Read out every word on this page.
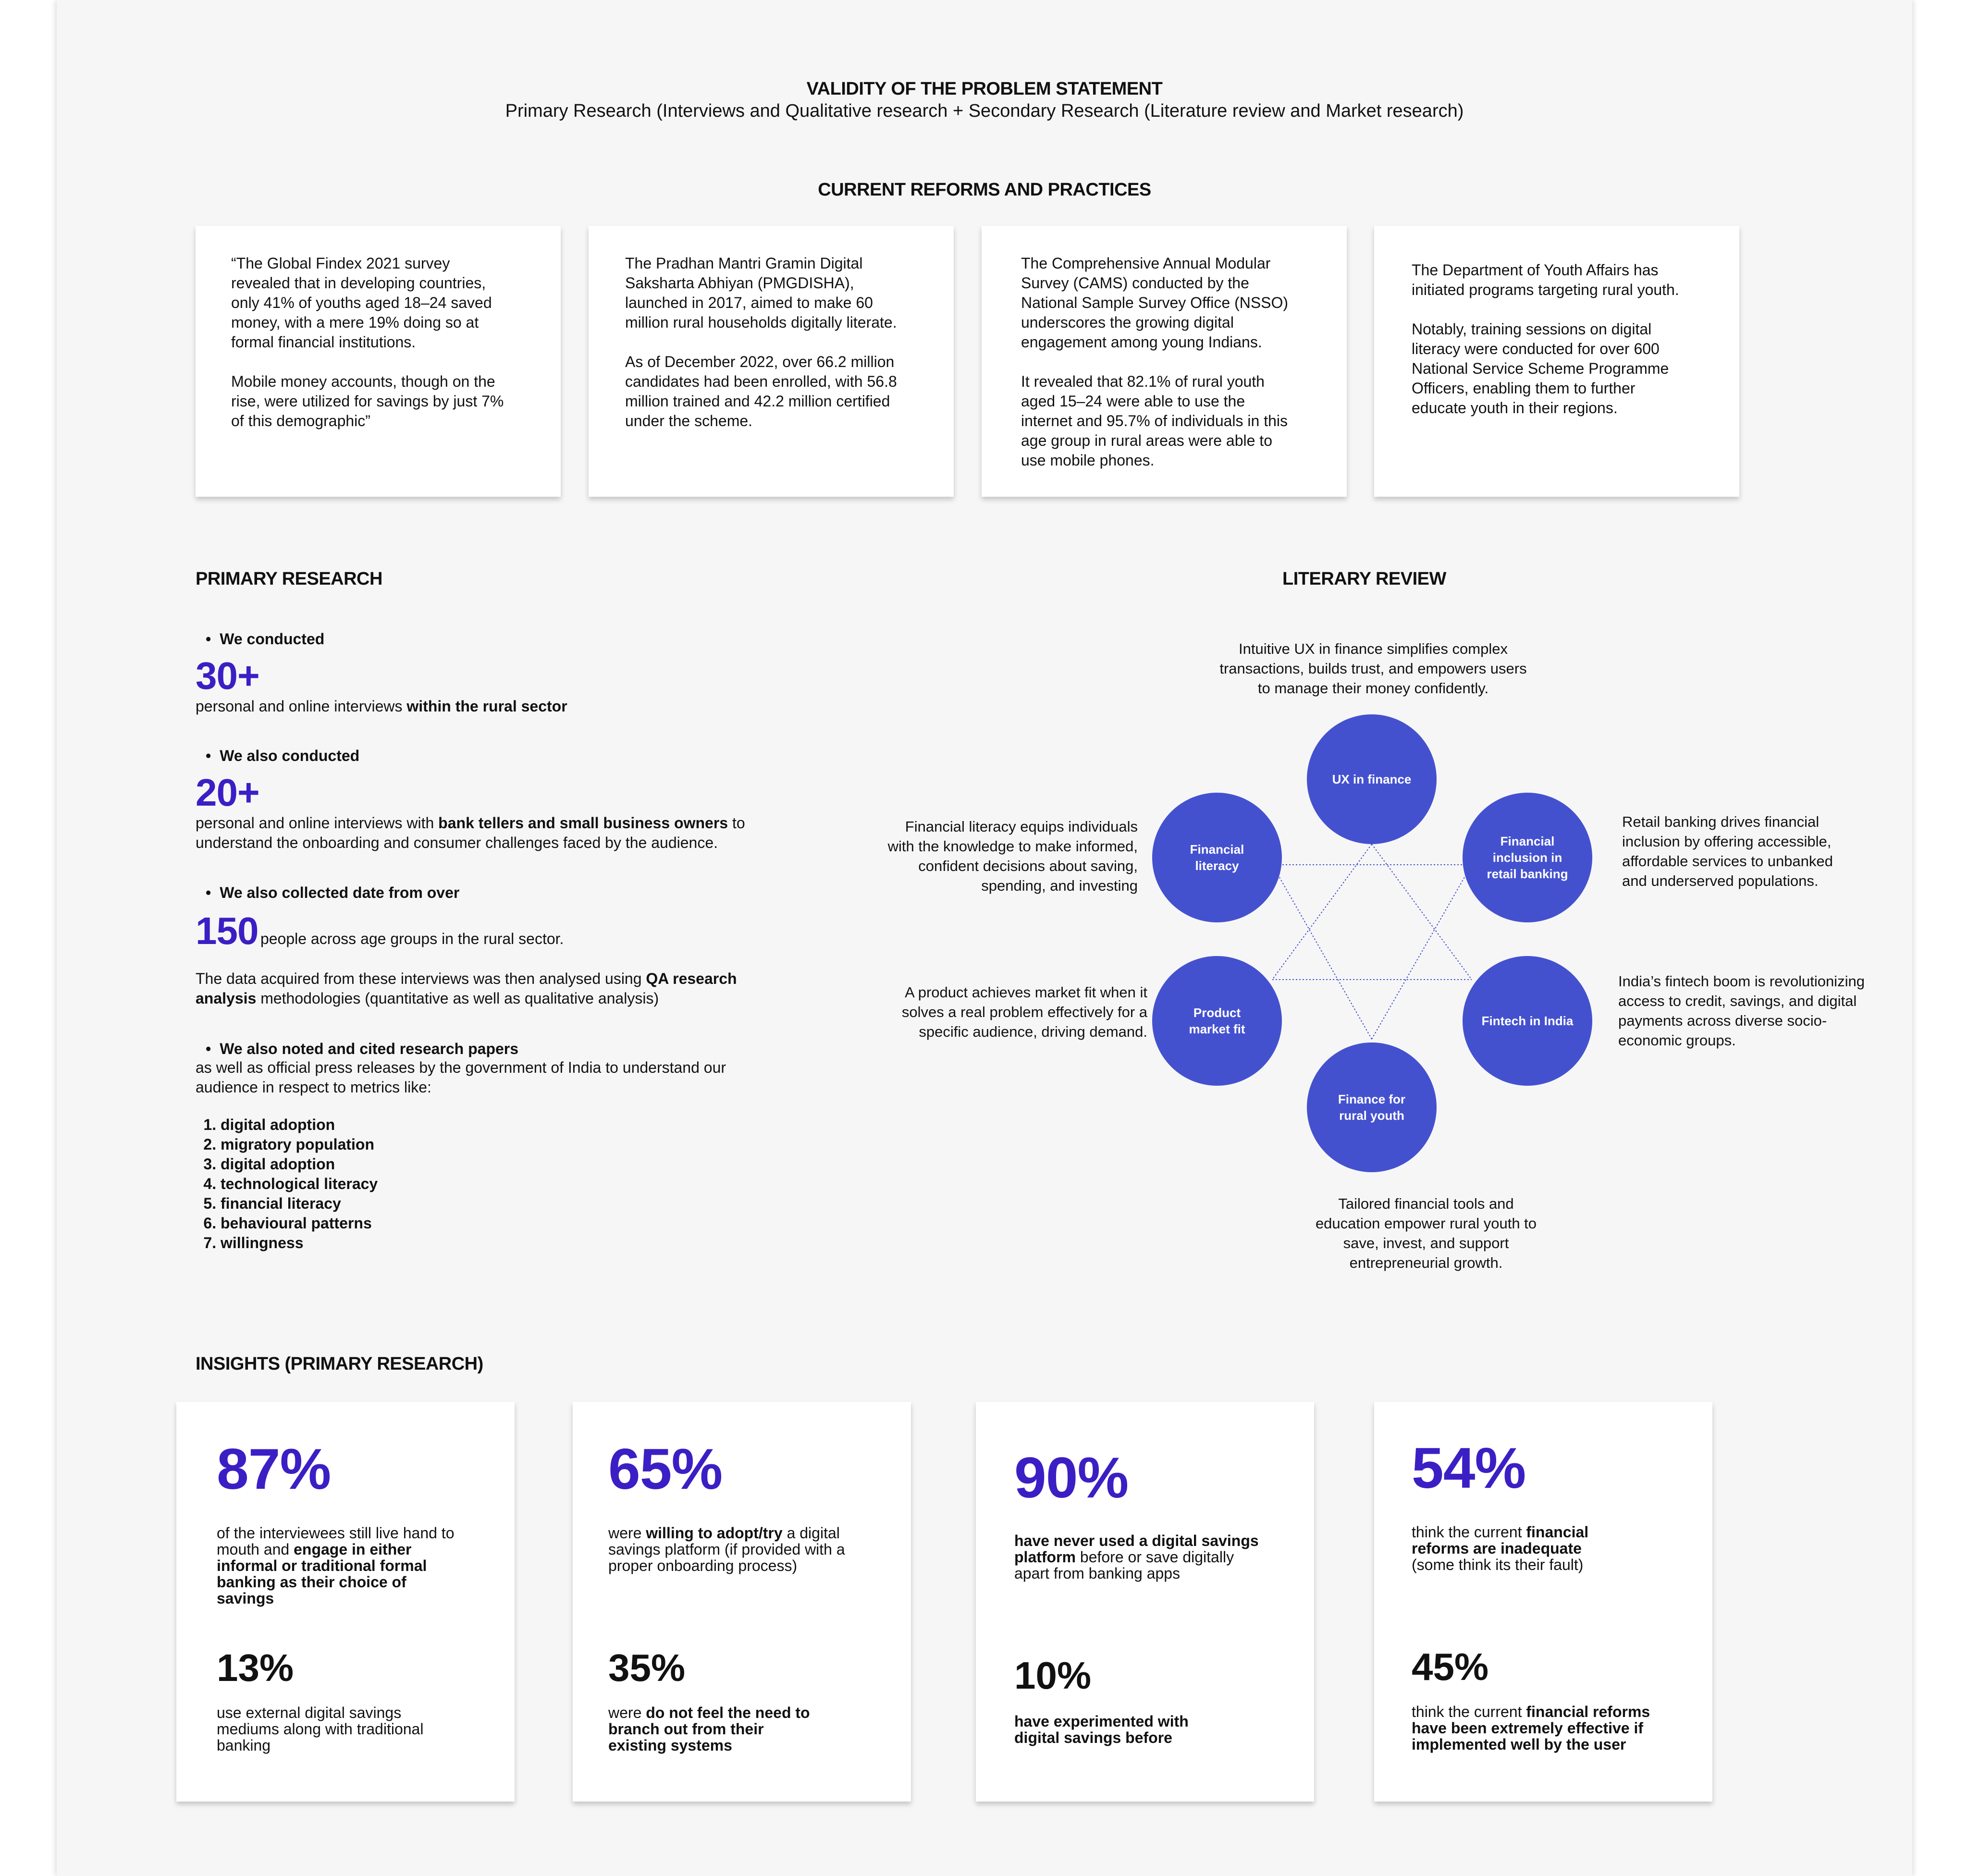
VALIDITY OF THE PROBLEM STATEMENT
Primary Research (Interviews and Qualitative research + Secondary Research (Literature review and Market research)
CURRENT REFORMS AND PRACTICES
“The Global Findex 2021 survey
revealed that in developing countries,
only 41% of youths aged 18–24 saved
money, with a mere 19% doing so at
formal financial institutions.

Mobile money accounts, though on the
rise, were utilized for savings by just 7%
of this demographic”
The Pradhan Mantri Gramin Digital
Saksharta Abhiyan (PMGDISHA),
launched in 2017, aimed to make 60
million rural households digitally literate.

As of December 2022, over 66.2 million
candidates had been enrolled, with 56.8
million trained and 42.2 million certified
under the scheme.
The Comprehensive Annual Modular
Survey (CAMS) conducted by the
National Sample Survey Office (NSSO)
underscores the growing digital
engagement among young Indians.

It revealed that 82.1% of rural youth
aged 15–24 were able to use the
internet and 95.7% of individuals in this
age group in rural areas were able to
use mobile phones.
The Department of Youth Affairs has
initiated programs targeting rural youth.

Notably, training sessions on digital
literacy were conducted for over 600
National Service Scheme Programme
Officers, enabling them to further
educate youth in their regions.
PRIMARY RESEARCH
• We conducted
30+
personal and online interviews within the rural sector
• We also conducted
20+
personal and online interviews with bank tellers and small business owners to
understand the onboarding and consumer challenges faced by the audience.
• We also collected date from over
150 people across age groups in the rural sector.
The data acquired from these interviews was then analysed using QA research
analysis methodologies (quantitative as well as qualitative analysis)
• We also noted and cited research papers
as well as official press releases by the government of India to understand our
audience in respect to metrics like:
1. digital adoption
2. migratory population
3. digital adoption
4. technological literacy
5. financial literacy
6. behavioural patterns
7. willingness
LITERARY REVIEW
Intuitive UX in finance simplifies complex
transactions, builds trust, and empowers users
to manage their money confidently.
UX in finance
Financial literacy equips individuals
with the knowledge to make informed,
confident decisions about saving,
spending, and investing
Financial
literacy
Financial
inclusion in
retail banking
Retail banking drives financial
inclusion by offering accessible,
affordable services to unbanked
and underserved populations.
A product achieves market fit when it
solves a real problem effectively for a
specific audience, driving demand.
Product
market fit
Fintech in India
India’s fintech boom is revolutionizing
access to credit, savings, and digital
payments across diverse socio-
economic groups.
Finance for
rural youth
Tailored financial tools and
education empower rural youth to
save, invest, and support
entrepreneurial growth.
INSIGHTS (PRIMARY RESEARCH)
87%
of the interviewees still live hand to
mouth and engage in either
informal or traditional formal
banking as their choice of
savings
13%
use external digital savings
mediums along with traditional
banking
65%
were willing to adopt/try a digital
savings platform (if provided with a
proper onboarding process)
35%
were do not feel the need to
branch out from their
existing systems
90%
have never used a digital savings
platform before or save digitally
apart from banking apps
10%
have experimented with
digital savings before
54%
think the current financial
reforms are inadequate
(some think its their fault)
45%
think the current financial reforms
have been extremely effective if
implemented well by the user
